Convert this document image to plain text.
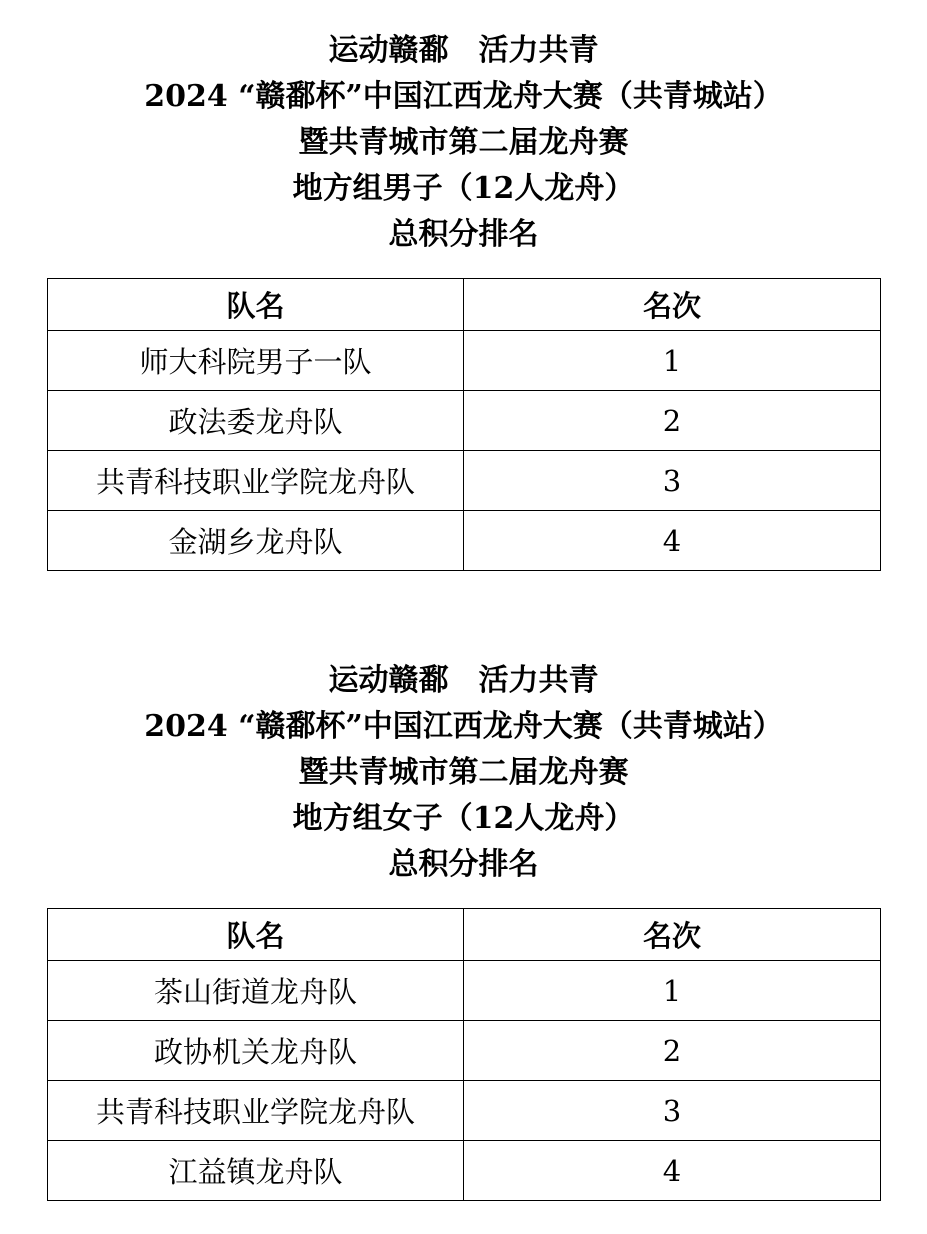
运动赣鄱　活力共青
2024 “赣鄱杯”中国江西龙舟大赛（共青城站）
暨共青城市第二届龙舟赛
地方组男子（12人龙舟）
总积分排名
队名	名次
师大科院男子一队	1
政法委龙舟队	2
共青科技职业学院龙舟队	3
金湖乡龙舟队	4
运动赣鄱　活力共青
2024 “赣鄱杯”中国江西龙舟大赛（共青城站）
暨共青城市第二届龙舟赛
地方组女子（12人龙舟）
总积分排名
队名	名次
茶山街道龙舟队	1
政协机关龙舟队	2
共青科技职业学院龙舟队	3
江益镇龙舟队	4
